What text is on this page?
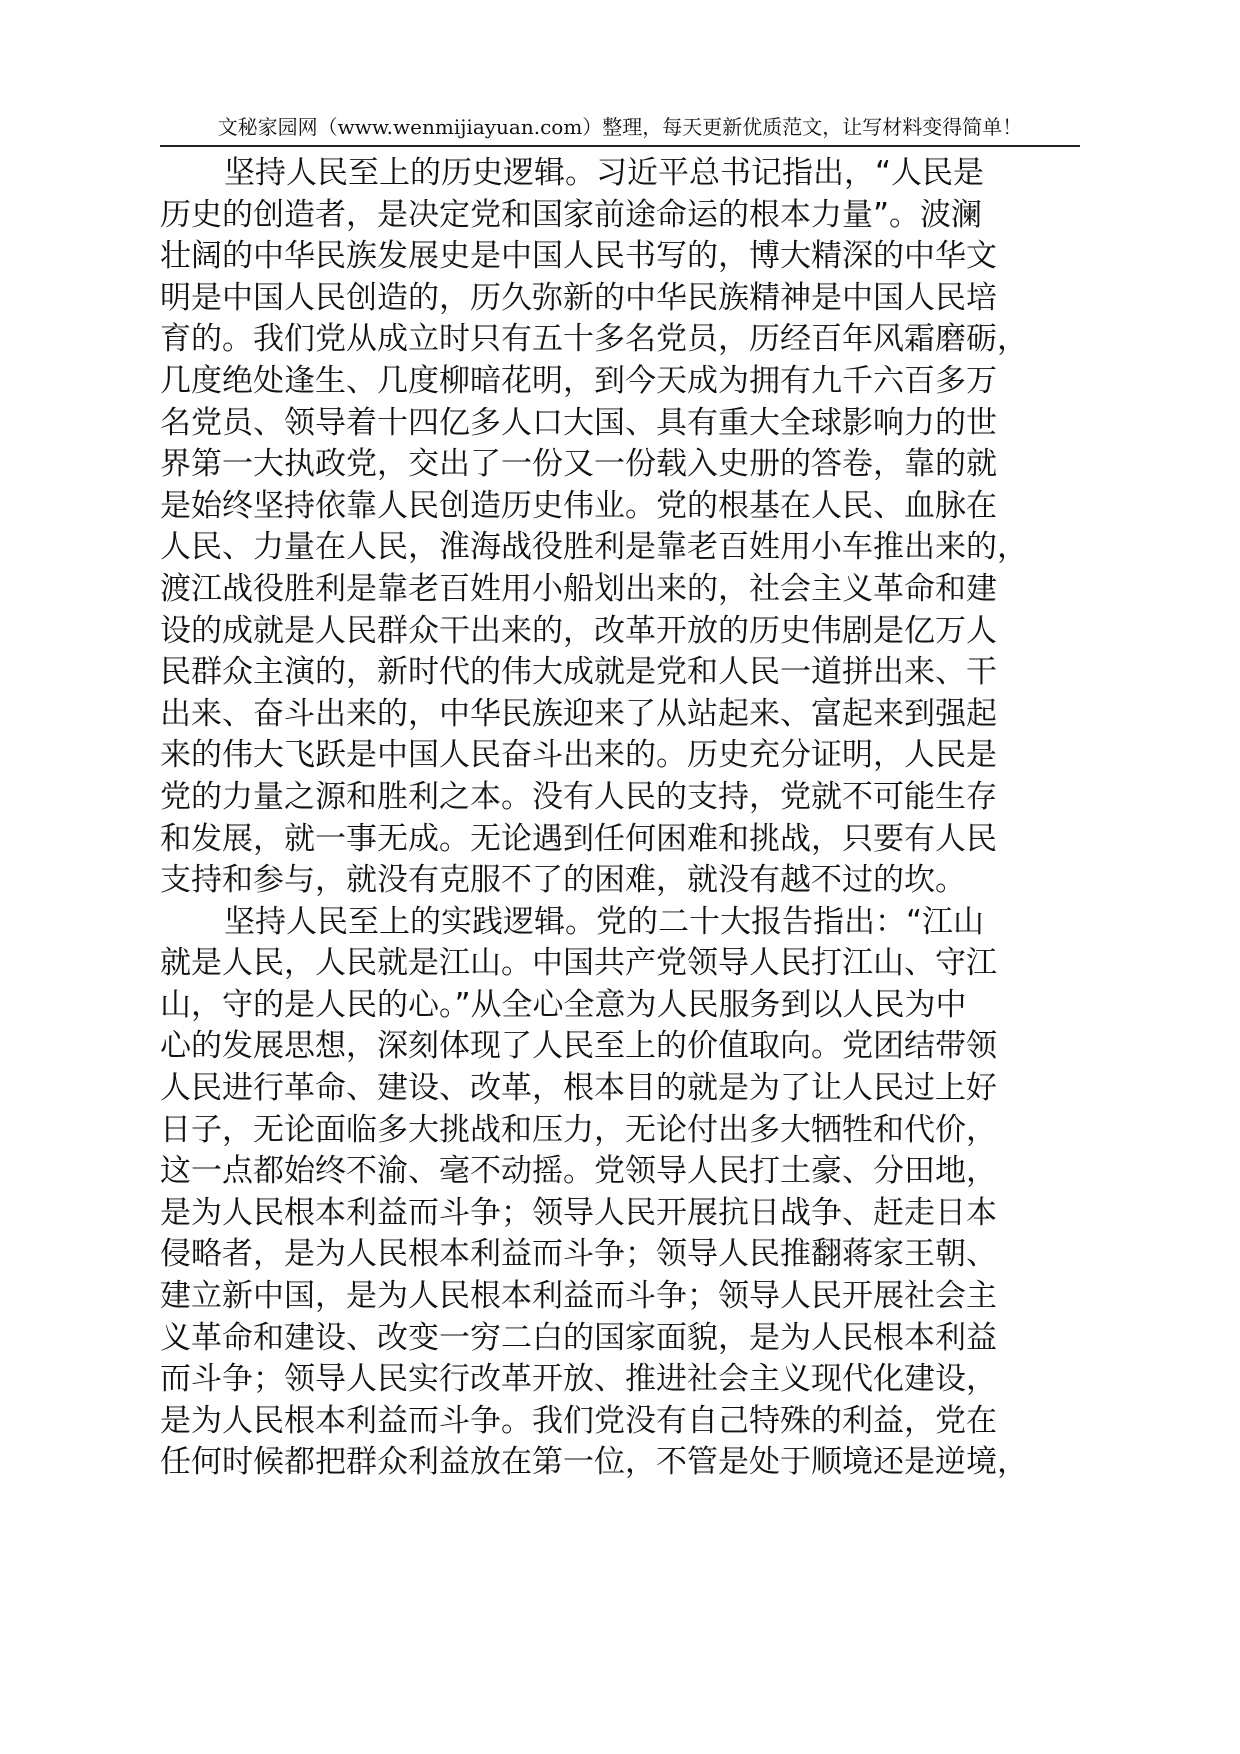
文秘家园网（www.wenmijiayuan.com）整理，每天更新优质范文，让写材料变得简单！
坚持人民至上的历史逻辑。习近平总书记指出，“人民是
历史的创造者，是决定党和国家前途命运的根本力量”。波澜
壮阔的中华民族发展史是中国人民书写的，博大精深的中华文
明是中国人民创造的，历久弥新的中华民族精神是中国人民培
育的。我们党从成立时只有五十多名党员，历经百年风霜磨砺，
几度绝处逢生、几度柳暗花明，到今天成为拥有九千六百多万
名党员、领导着十四亿多人口大国、具有重大全球影响力的世
界第一大执政党，交出了一份又一份载入史册的答卷，靠的就
是始终坚持依靠人民创造历史伟业。党的根基在人民、血脉在
人民、力量在人民，淮海战役胜利是靠老百姓用小车推出来的，
渡江战役胜利是靠老百姓用小船划出来的，社会主义革命和建
设的成就是人民群众干出来的，改革开放的历史伟剧是亿万人
民群众主演的，新时代的伟大成就是党和人民一道拼出来、干
出来、奋斗出来的，中华民族迎来了从站起来、富起来到强起
来的伟大飞跃是中国人民奋斗出来的。历史充分证明，人民是
党的力量之源和胜利之本。没有人民的支持，党就不可能生存
和发展，就一事无成。无论遇到任何困难和挑战，只要有人民
支持和参与，就没有克服不了的困难，就没有越不过的坎。
坚持人民至上的实践逻辑。党的二十大报告指出：“江山
就是人民，人民就是江山。中国共产党领导人民打江山、守江
山，守的是人民的心。”从全心全意为人民服务到以人民为中
心的发展思想，深刻体现了人民至上的价值取向。党团结带领
人民进行革命、建设、改革，根本目的就是为了让人民过上好
日子，无论面临多大挑战和压力，无论付出多大牺牲和代价，
这一点都始终不渝、毫不动摇。党领导人民打土豪、分田地，
是为人民根本利益而斗争；领导人民开展抗日战争、赶走日本
侵略者，是为人民根本利益而斗争；领导人民推翻蒋家王朝、
建立新中国，是为人民根本利益而斗争；领导人民开展社会主
义革命和建设、改变一穷二白的国家面貌，是为人民根本利益
而斗争；领导人民实行改革开放、推进社会主义现代化建设，
是为人民根本利益而斗争。我们党没有自己特殊的利益，党在
任何时候都把群众利益放在第一位，不管是处于顺境还是逆境，
